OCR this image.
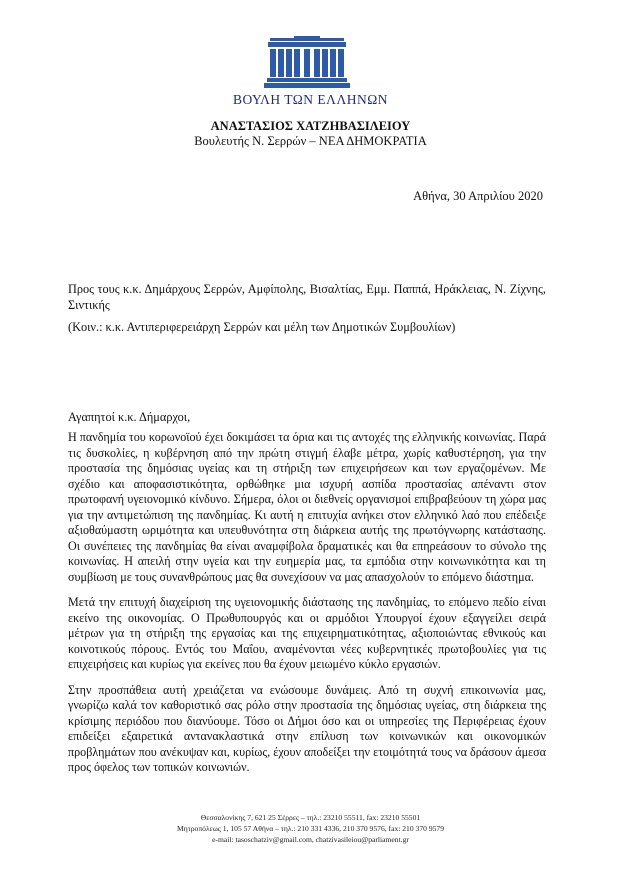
ΒΟΥΛΗ ΤΩΝ ΕΛΛΗΝΩΝ
ΑΝΑΣΤΑΣΙΟΣ ΧΑΤΖΗΒΑΣΙΛΕΙΟΥ
Βουλευτής Ν. Σερρών – ΝΕΑ ΔΗΜΟΚΡΑΤΙΑ
Αθήνα, 30 Απριλίου 2020
Προς τους κ.κ. Δημάρχους Σερρών, Αμφίπολης, Βισαλτίας, Εμμ. Παππά, Ηράκλειας, Ν. Ζίχνης, Σιντικής
(Κοιν.: κ.κ. Αντιπεριφερειάρχη Σερρών και μέλη των Δημοτικών Συμβουλίων)
Αγαπητοί κ.κ. Δήμαρχοι,

Η πανδημία του κορωνοϊού έχει δοκιμάσει τα όρια και τις αντοχές της ελληνικής κοινωνίας. Παρά τις δυσκολίες, η κυβέρνηση από την πρώτη στιγμή έλαβε μέτρα, χωρίς καθυστέρηση, για την προστασία της δημόσιας υγείας και τη στήριξη των επιχειρήσεων και των εργαζομένων. Με σχέδιο και αποφασιστικότητα, ορθώθηκε μια ισχυρή ασπίδα προστασίας απέναντι στον πρωτοφανή υγειονομικό κίνδυνο. Σήμερα, όλοι οι διεθνείς οργανισμοί επιβραβεύουν τη χώρα μας για την αντιμετώπιση της πανδημίας. Κι αυτή η επιτυχία ανήκει στον ελληνικό λαό που επέδειξε αξιοθαύμαστη ωριμότητα και υπευθυνότητα στη διάρκεια αυτής της πρωτόγνωρης κατάστασης. Οι συνέπειες της πανδημίας θα είναι αναμφίβολα δραματικές και θα επηρεάσουν το σύνολο της κοινωνίας. Η απειλή στην υγεία και την ευημερία μας, τα εμπόδια στην κοινωνικότητα και τη συμβίωση με τους συνανθρώπους μας θα συνεχίσουν να μας απασχολούν το επόμενο διάστημα.

Μετά την επιτυχή διαχείριση της υγειονομικής διάστασης της πανδημίας, το επόμενο πεδίο είναι εκείνο της οικονομίας. Ο Πρωθυπουργός και οι αρμόδιοι Υπουργοί έχουν εξαγγείλει σειρά μέτρων για τη στήριξη της εργασίας και της επιχειρηματικότητας, αξιοποιώντας εθνικούς και κοινοτικούς πόρους. Εντός του Μαΐου, αναμένονται νέες κυβερνητικές πρωτοβουλίες για τις επιχειρήσεις και κυρίως για εκείνες που θα έχουν μειωμένο κύκλο εργασιών.

Στην προσπάθεια αυτή χρειάζεται να ενώσουμε δυνάμεις. Από τη συχνή επικοινωνία μας, γνωρίζω καλά τον καθοριστικό σας ρόλο στην προστασία της δημόσιας υγείας, στη διάρκεια της κρίσιμης περιόδου που διανύουμε. Τόσο οι Δήμοι όσο και οι υπηρεσίες της Περιφέρειας έχουν επιδείξει εξαιρετικά αντανακλαστικά στην επίλυση των κοινωνικών και οικονομικών προβλημάτων που ανέκυψαν και, κυρίως, έχουν αποδείξει την ετοιμότητά τους να δράσουν άμεσα προς όφελος των τοπικών κοινωνιών.

Θεσσαλονίκης 7, 621 25 Σέρρες – τηλ.: 23210 55511, fax: 23210 55501
Μητροπόλεως 1, 105 57 Αθήνα – τηλ.: 210 331 4336, 210 370 9576, fax: 210 370 9579
e-mail: tasoschatziv@gmail.com, chatzivasileiou@parliament.gr
